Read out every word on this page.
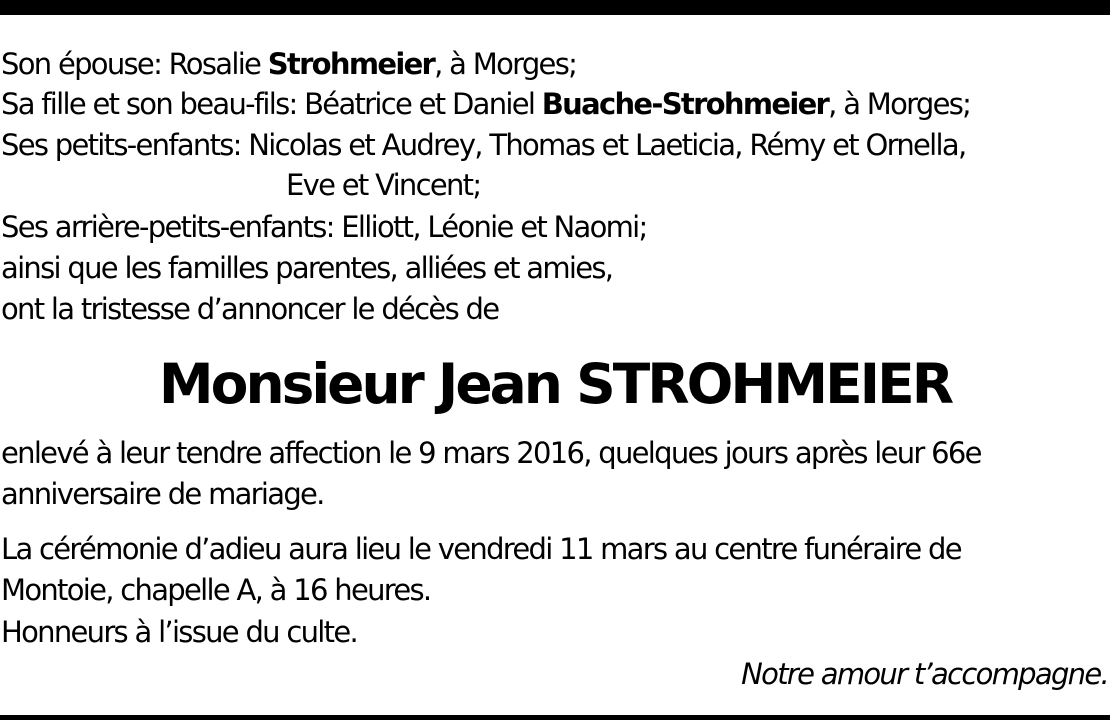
Son épouse: Rosalie Strohmeier, à Morges;
Sa fille et son beau-fils: Béatrice et Daniel Buache-Strohmeier, à Morges;
Ses petits-enfants: Nicolas et Audrey, Thomas et Laeticia, Rémy et Ornella,
Eve et Vincent;
Ses arrière-petits-enfants: Elliott, Léonie et Naomi;
ainsi que les familles parentes, alliées et amies,
ont la tristesse d’annoncer le décès de
Monsieur Jean STROHMEIER
enlevé à leur tendre affection le 9 mars 2016, quelques jours après leur 66e
anniversaire de mariage.
La cérémonie d’adieu aura lieu le vendredi 11 mars au centre funéraire de
Montoie, chapelle A, à 16 heures.
Honneurs à l’issue du culte.
Notre amour t’accompagne.
